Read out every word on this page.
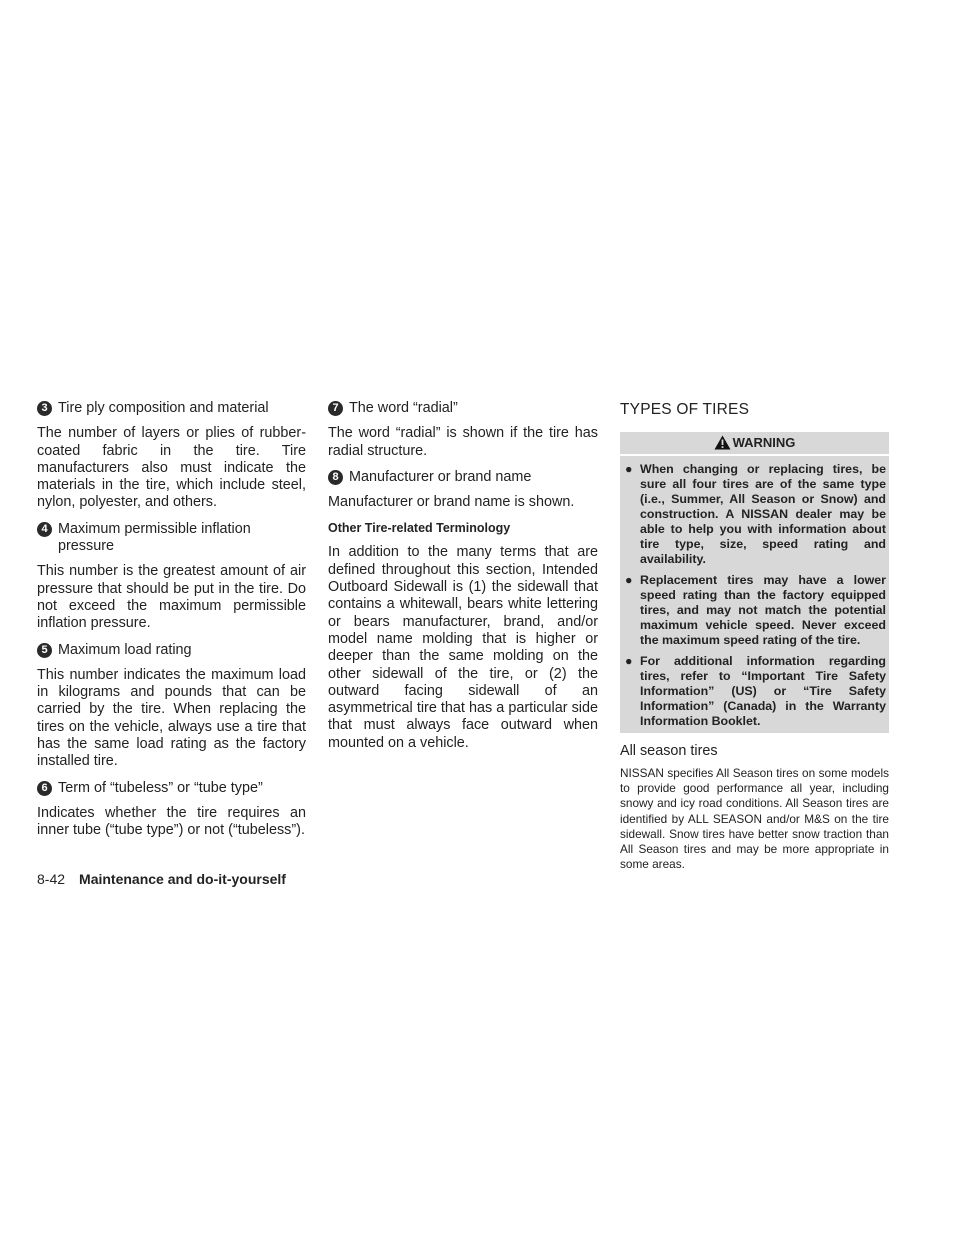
3 Tire ply composition and material

The number of layers or plies of rubber-coated fabric in the tire. Tire manufacturers also must indicate the materials in the tire, which include steel, nylon, polyester, and others.

4 Maximum permissible inflation pressure

This number is the greatest amount of air pressure that should be put in the tire. Do not exceed the maximum permissible inflation pressure.

5 Maximum load rating

This number indicates the maximum load in kilograms and pounds that can be carried by the tire. When replacing the tires on the vehicle, always use a tire that has the same load rating as the factory installed tire.

6 Term of “tubeless” or “tube type”

Indicates whether the tire requires an inner tube (“tube type”) or not (“tubeless”).

7 The word “radial”

The word “radial” is shown if the tire has radial structure.

8 Manufacturer or brand name

Manufacturer or brand name is shown.

Other Tire-related Terminology

In addition to the many terms that are defined throughout this section, Intended Outboard Sidewall is (1) the sidewall that contains a whitewall, bears white lettering or bears manufacturer, brand, and/or model name molding that is higher or deeper than the same molding on the other sidewall of the tire, or (2) the outward facing sidewall of an asymmetrical tire that has a particular side that must always face outward when mounted on a vehicle.

TYPES OF TIRES

WARNING
● When changing or replacing tires, be sure all four tires are of the same type (i.e., Summer, All Season or Snow) and construction. A NISSAN dealer may be able to help you with information about tire type, size, speed rating and availability.
● Replacement tires may have a lower speed rating than the factory equipped tires, and may not match the potential maximum vehicle speed. Never exceed the maximum speed rating of the tire.
● For additional information regarding tires, refer to “Important Tire Safety Information” (US) or “Tire Safety Information” (Canada) in the Warranty Information Booklet.

All season tires

NISSAN specifies All Season tires on some models to provide good performance all year, including snowy and icy road conditions. All Season tires are identified by ALL SEASON and/or M&S on the tire sidewall. Snow tires have better snow traction than All Season tires and may be more appropriate in some areas.

8-42 Maintenance and do-it-yourself
